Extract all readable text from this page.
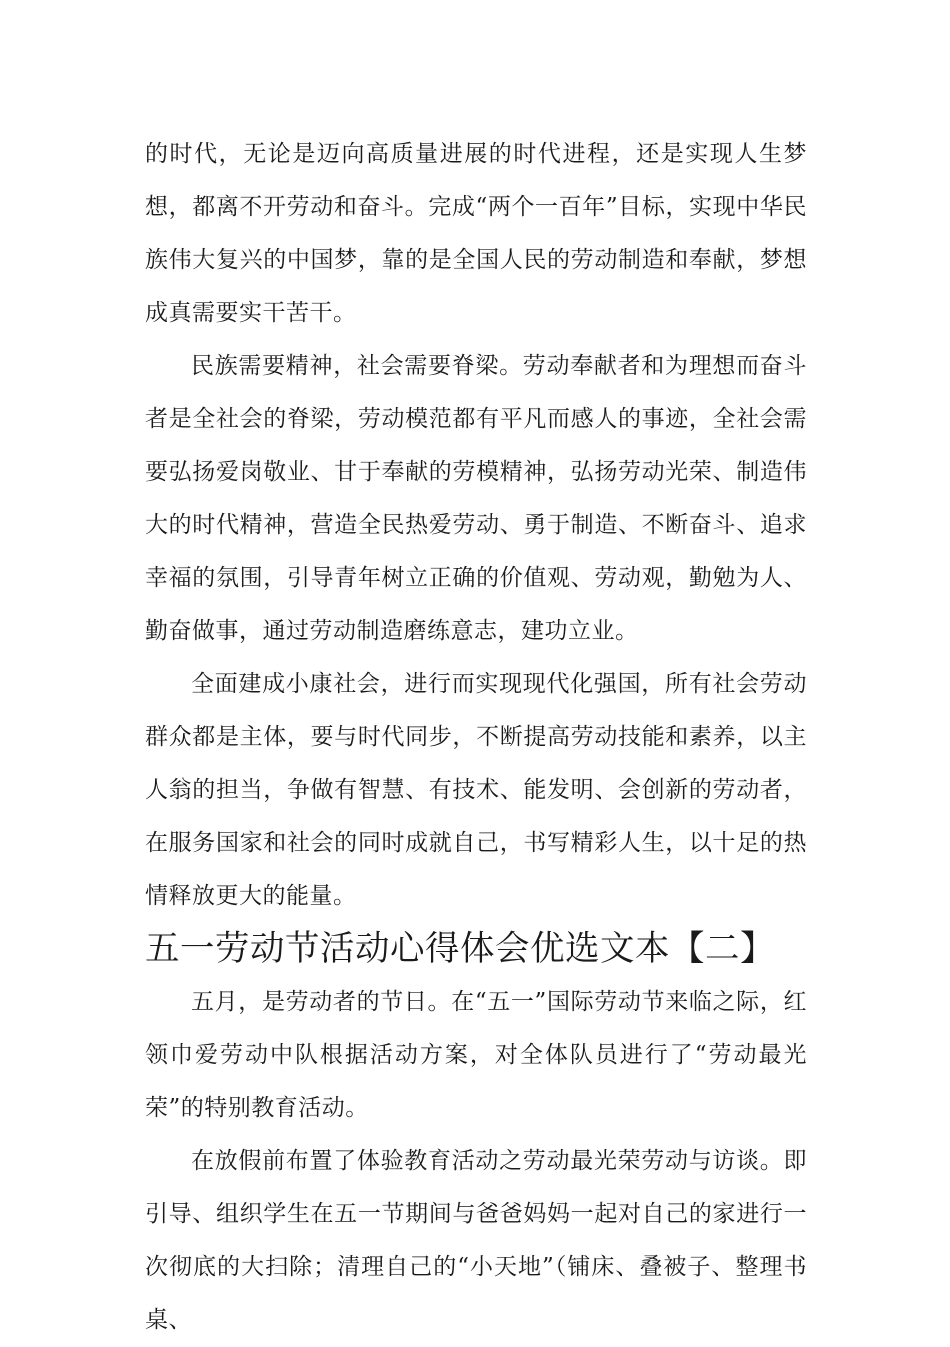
的时代，无论是迈向高质量进展的时代进程，还是实现人生梦想，都离不开劳动和奋斗。完成“两个一百年”目标，实现中华民族伟大复兴的中国梦，靠的是全国人民的劳动制造和奉献，梦想成真需要实干苦干。

民族需要精神，社会需要脊梁。劳动奉献者和为理想而奋斗者是全社会的脊梁，劳动模范都有平凡而感人的事迹，全社会需要弘扬爱岗敬业、甘于奉献的劳模精神，弘扬劳动光荣、制造伟大的时代精神，营造全民热爱劳动、勇于制造、不断奋斗、追求幸福的氛围，引导青年树立正确的价值观、劳动观，勤勉为人、勤奋做事，通过劳动制造磨练意志，建功立业。

全面建成小康社会，进行而实现现代化强国，所有社会劳动群众都是主体，要与时代同步，不断提高劳动技能和素养，以主人翁的担当，争做有智慧、有技术、能发明、会创新的劳动者，在服务国家和社会的同时成就自己，书写精彩人生，以十足的热情释放更大的能量。

五一劳动节活动心得体会优选文本【二】

五月，是劳动者的节日。在“五一”国际劳动节来临之际，红领巾爱劳动中队根据活动方案，对全体队员进行了“劳动最光荣”的特别教育活动。

在放假前布置了体验教育活动之劳动最光荣劳动与访谈。即引导、组织学生在五一节期间与爸爸妈妈一起对自己的家进行一次彻底的大扫除；清理自己的“小天地”（铺床、叠被子、整理书桌、
